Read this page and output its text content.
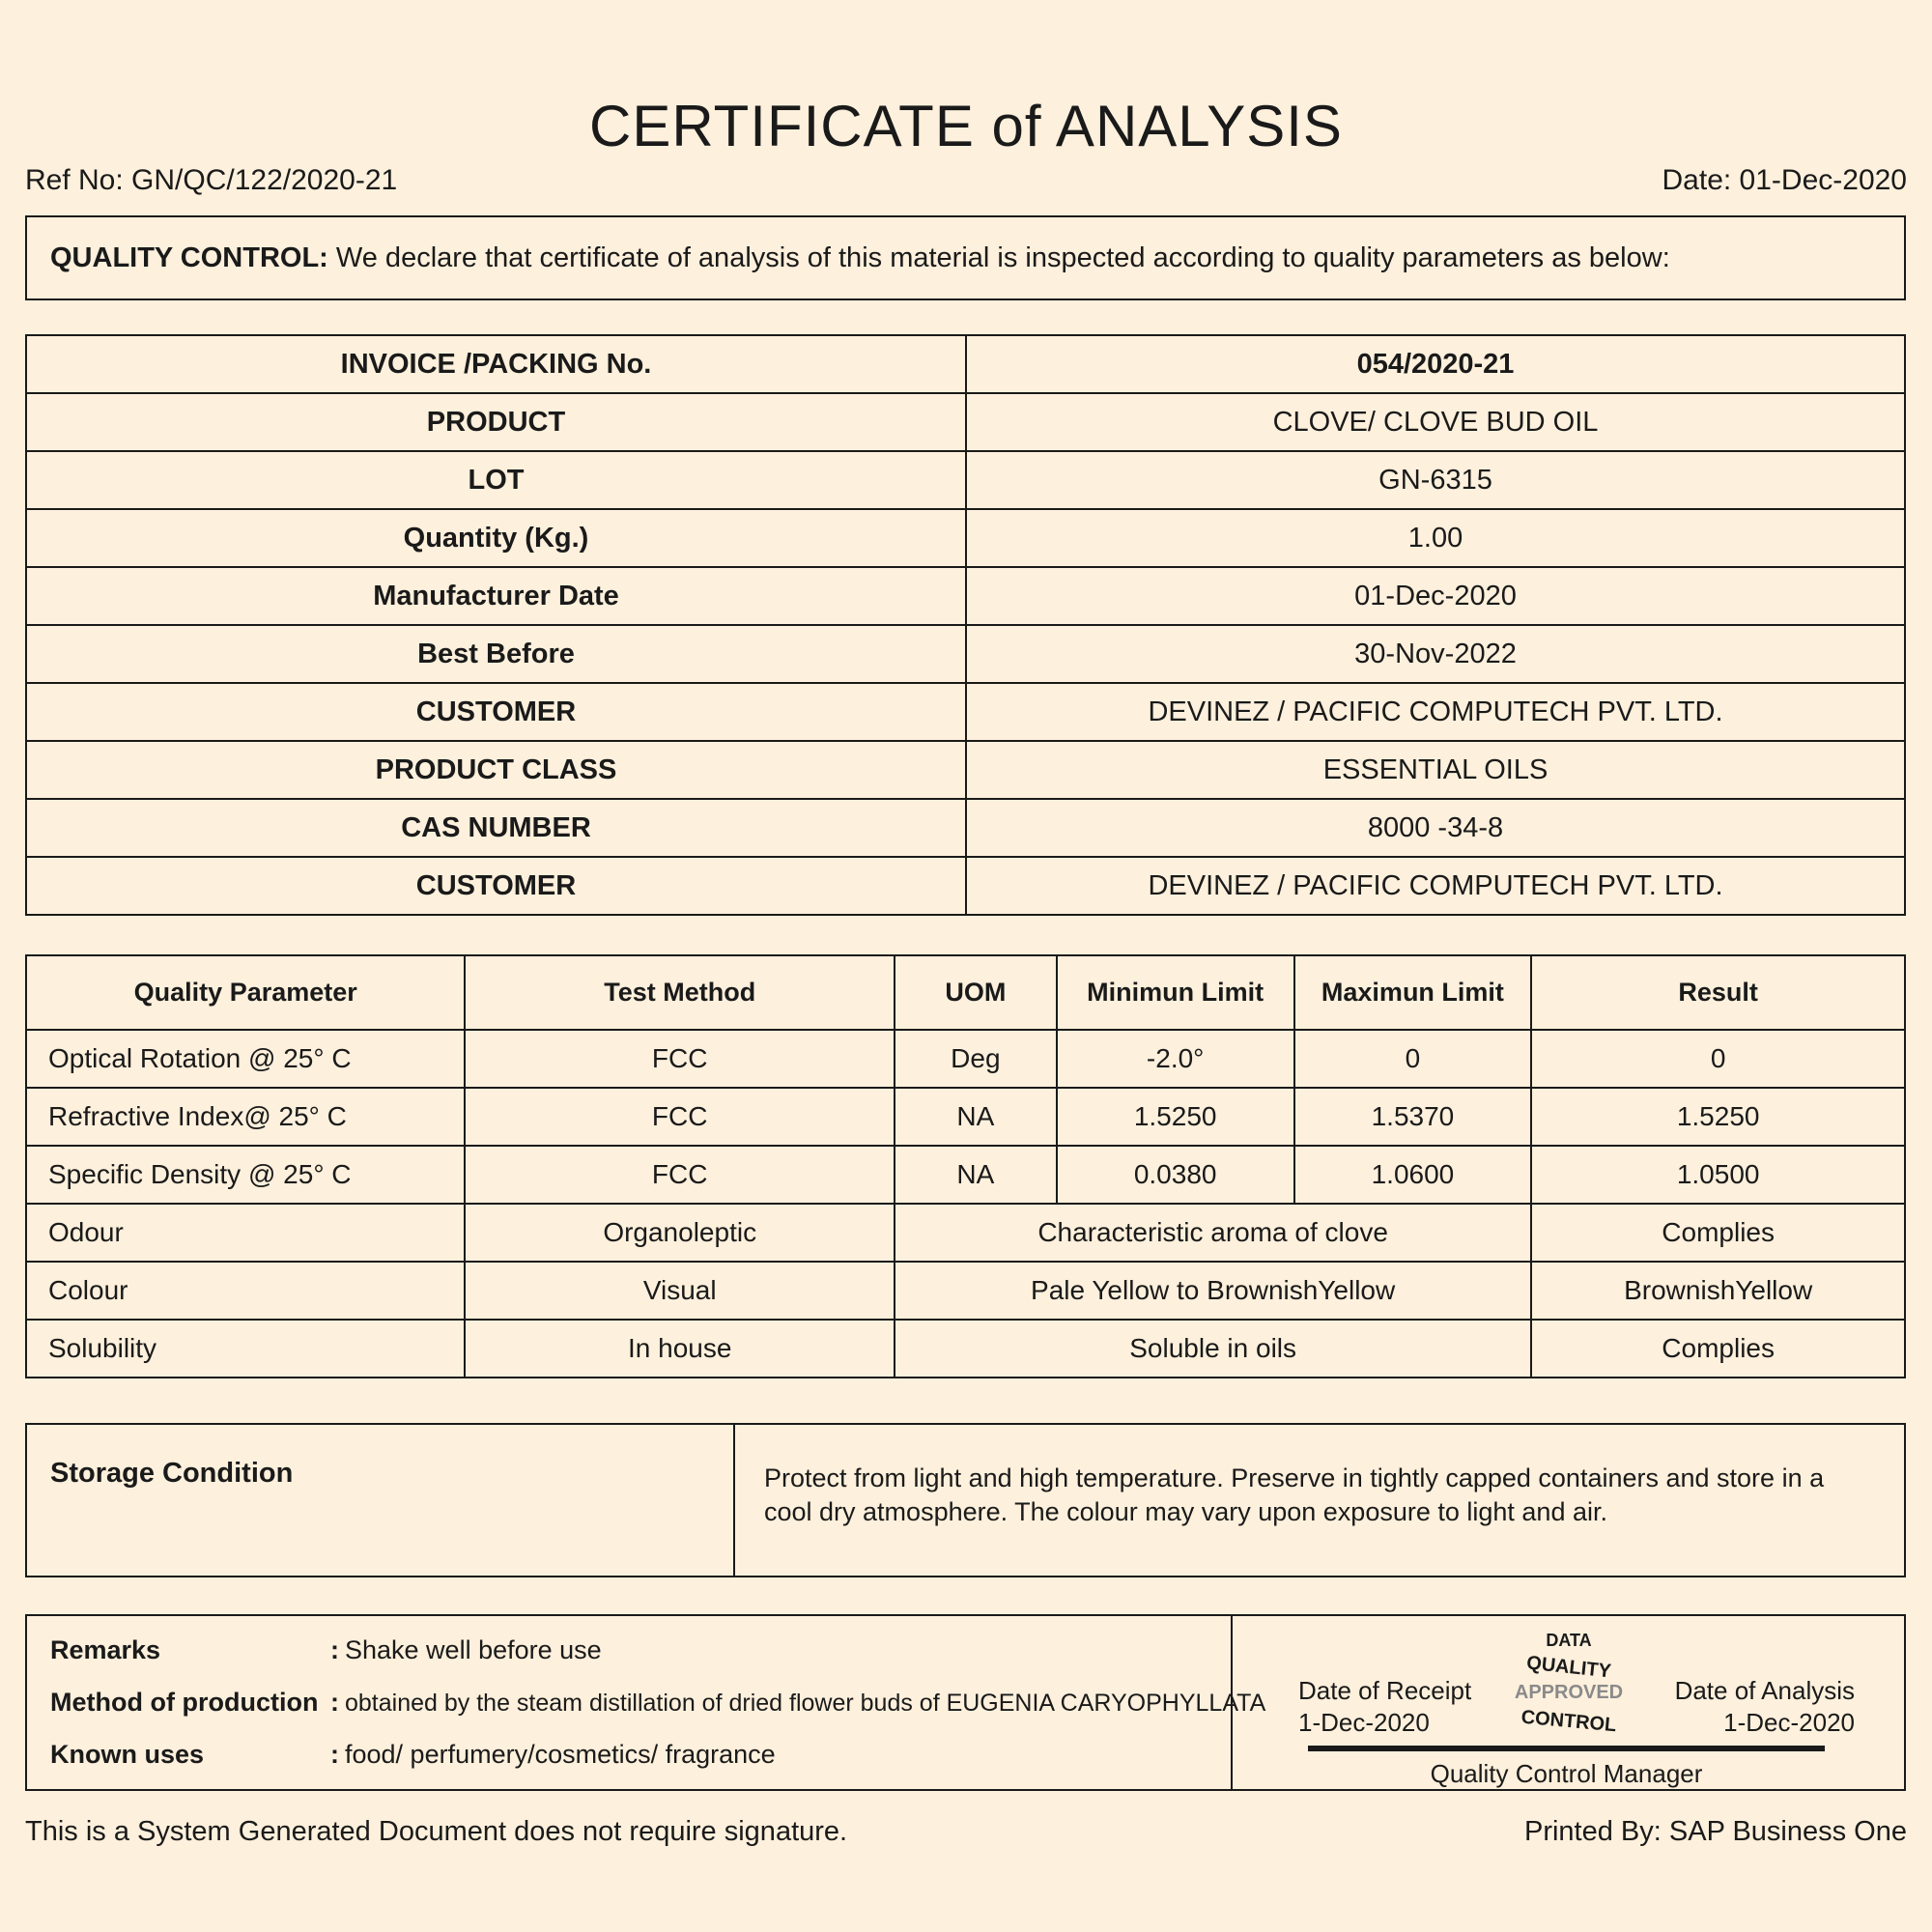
CERTIFICATE of ANALYSIS
Ref No: GN/QC/122/2020-21	Date: 01-Dec-2020
QUALITY CONTROL: We declare that certificate of analysis of this material is inspected according to quality parameters as below:
INVOICE /PACKING No.	054/2020-21
PRODUCT	CLOVE/ CLOVE BUD OIL
LOT	GN-6315
Quantity (Kg.)	1.00
Manufacturer Date	01-Dec-2020
Best Before	30-Nov-2022
CUSTOMER	DEVINEZ / PACIFIC COMPUTECH PVT. LTD.
PRODUCT CLASS	ESSENTIAL OILS
CAS NUMBER	8000 -34-8
CUSTOMER	DEVINEZ / PACIFIC COMPUTECH PVT. LTD.
Quality Parameter	Test Method	UOM	Minimun Limit	Maximun Limit	Result
Optical Rotation @ 25° C	FCC	Deg	-2.0°	0	0
Refractive Index@ 25° C	FCC	NA	1.5250	1.5370	1.5250
Specific Density @ 25° C	FCC	NA	0.0380	1.0600	1.0500
Odour	Organoleptic	Characteristic aroma of clove			Complies
Colour	Visual	Pale Yellow to BrownishYellow			BrownishYellow
Solubility	In house	Soluble in oils			Complies
Storage Condition	Protect from light and high temperature. Preserve in tightly capped containers and store in a cool dry atmosphere. The colour may vary upon exposure to light and air.
Remarks	: Shake well before use
Method of production : obtained by the steam distillation of dried flower buds of EUGENIA CARYOPHYLLATA
Known uses	: food/ perfumery/cosmetics/ fragrance
Date of Receipt
1-Dec-2020
Date of Analysis
1-Dec-2020
DATA
QUALITY
APPROVED
CONTROL
Quality Control Manager
This is a System Generated Document does not require signature.	Printed By: SAP Business One
